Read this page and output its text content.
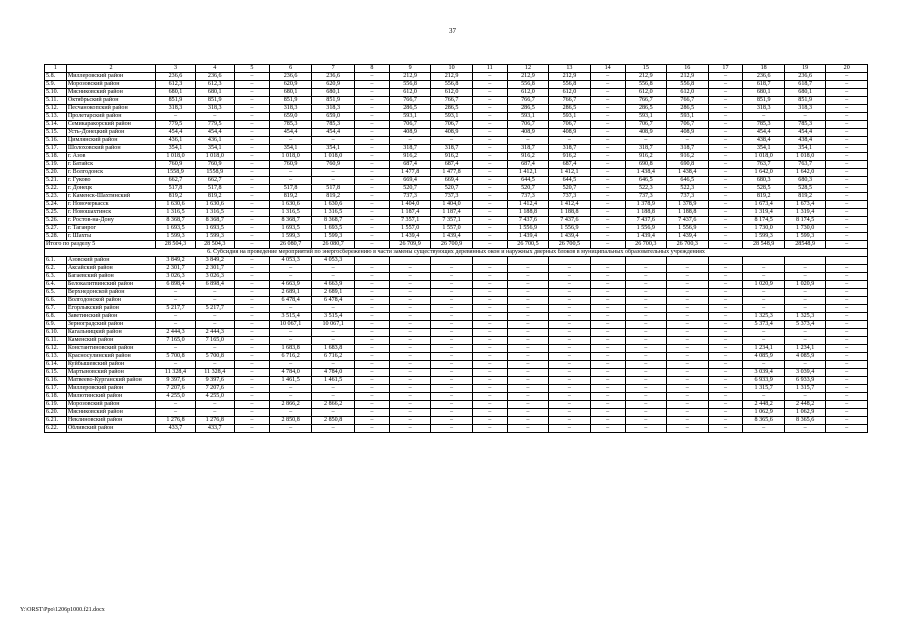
37
1	2	3	4	5	6	7	8	9	10	11	12	13	14	15	16	17	18	19	20
5.8.	Миллеровский район	236,6	236,6	–	236,6	236,6	–	212,9	212,9	–	212,9	212,9	–	212,9	212,9	–	236,6	236,6	–
5.9.	Морозовский район	612,3	612,3	–	620,9	620,9	–	556,8	556,8	–	556,8	556,8	–	556,8	556,8	–	618,7	618,7	–
5.10.	Мясниковский район	680,1	680,1	–	680,1	680,1	–	612,0	612,0	–	612,0	612,0	–	612,0	612,0	–	680,1	680,1	–
5.11.	Октябрьский район	851,9	851,9	–	851,9	851,9	–	766,7	766,7	–	766,7	766,7	–	766,7	766,7	–	851,9	851,9	–
5.12.	Песчанокопский район	318,3	318,3	–	318,3	318,3	–	286,5	286,5	–	286,5	286,5	–	286,5	286,5	–	318,3	318,3	–
5.13.	Пролетарский район	–	–	–	659,0	659,0	–	593,1	593,1	–	593,1	593,1	–	593,1	593,1	–	–	–	–
5.14.	Семикаракорский район	779,5	779,5	–	785,3	785,3	–	706,7	706,7	–	706,7	706,7	–	706,7	706,7	–	785,3	785,3	–
5.15.	Усть-Донецкий район	454,4	454,4	–	454,4	454,4	–	408,9	408,9	–	408,9	408,9	–	408,9	408,9	–	454,4	454,4	–
5.16.	Цимлянский район	436,1	436,1	–	–	–	–	–	–	–	–	–	–	–	–	–	438,4	438,4	–
5.17.	Шолоховский район	354,1	354,1	–	354,1	354,1	–	318,7	318,7	–	318,7	318,7	–	318,7	318,7	–	354,1	354,1	–
5.18.	г. Азов	1 018,0	1 018,0	–	1 018,0	1 018,0	–	916,2	916,2	–	916,2	916,2	–	916,2	916,2	–	1 018,0	1 018,0	–
5.19.	г. Батайск	760,9	760,9	–	760,9	760,9	–	687,4	687,4	–	687,4	687,4	–	690,8	690,8	–	763,7	763,7	–
5.20.	г. Волгодонск	1558,9	1558,9	–	–	–	–	1 477,8	1 477,8	–	1 412,1	1 412,1	–	1 438,4	1 438,4	–	1 642,0	1 642,0	–
5.21.	г. Гуково	662,7	662,7	–	–	–	–	669,4	669,4	–	644,5	644,5	–	646,5	646,5	–	680,3	680,3	–
5.22.	г. Донецк	517,8	517,8	–	517,8	517,8	–	520,7	520,7	–	520,7	520,7	–	522,3	522,3	–	528,5	528,5	–
5.23.	г. Каменск-Шахтинский	819,2	819,2	–	819,2	819,2	–	737,3	737,3	–	737,3	737,3	–	737,3	737,3	–	819,2	819,2	–
5.24.	г. Новочеркасск	1 630,6	1 630,6	–	1 630,6	1 630,6	–	1 404,0	1 404,0	–	1 412,4	1 412,4	–	1 378,9	1 378,9	–	1 673,4	1 673,4	–
5.25.	г. Новошахтинск	1 316,5	1 316,5	–	1 316,5	1 316,5	–	1 187,4	1 187,4	–	1 188,8	1 188,8	–	1 188,8	1 188,8	–	1 319,4	1 319,4	–
5.26.	г. Ростов-на-Дону	8 368,7	8 368,7	–	8 368,7	8 368,7	–	7 357,1	7 357,1	–	7 437,6	7 437,6	–	7 437,6	7 437,6	–	8 174,5	8 174,5	–
5.27.	г. Таганрог	1 693,5	1 693,5	–	1 693,5	1 693,5	–	1 557,0	1 557,0	–	1 556,9	1 556,9	–	1 556,9	1 556,9	–	1 730,0	1 730,0	–
5.28.	г. Шахты	1 599,3	1 599,3	–	1 599,3	1 599,3	–	1 439,4	1 439,4	–	1 439,4	1 439,4	–	1 439,4	1 439,4	–	1 599,3	1 599,3	–
Итого по разделу 5		28 504,3	28 504,3	–	26 080,7	26 080,7	–	26 709,9	26 700,9	–	26 700,5	26 700,5	–	26 700,3	26 700,3	–	28 548,9	28548,9	–
6. Субсидия на проведение мероприятий по энергосбережению в части замены существующих деревянных окон и наружных дверных блоков в муниципальных образовательных учреждениях																			
6.1.	Азовский район	3 849,2	3 849,2	–	4 053,3	4 053,3													
6.2.	Аксайский район	2 301,7	2 301,7	–	–	–	–	–	–	–	–	–	–	–	–	–	–	–	–
6.3.	Багаевский район	3 026,3	3 026,3	–	–	–	–	–	–	–	–	–	–	–	–	–	–	–	–
6.4.	Белокалитвинский район	6 898,4	6 898,4	–	4 663,9	4 663,9	–	–	–	–	–	–	–	–	–	–	1 020,9	1 020,9	–
6.5.	Верхнедонской район	–	–	–	2 689,1	2 689,1	–	–	–	–	–	–	–	–	–	–	–	–	–
6.6.	Волгодонской район	–	–	–	6 478,4	6 478,4	–	–	–	–	–	–	–	–	–	–	–	–	–
6.7.	Егорлыкский район	5 217,7	5 217,7	–	–	–	–	–	–	–	–	–	–	–	–	–	–	–	–
6.8.	Заветинский район	–	–	–	3 515,4	3 515,4	–	–	–	–	–	–	–	–	–	–	1 325,3	1 325,3	–
6.9.	Зерноградский район	–	–	–	10 067,1	10 067,1	–	–	–	–	–	–	–	–	–	–	5 373,4	5 373,4	–
6.10.	Кагальницкий район	2 444,3	2 444,3	–	–	–	–	–	–	–	–	–	–	–	–	–	–	–	–
6.11.	Каменский район	7 165,0	7 165,0	–	–	–	–	–	–	–	–	–	–	–	–	–	–	–	–
6.12.	Константиновский район	–	–	–	1 683,8	1 683,8	–	–	–	–	–	–	–	–	–	–	1 234,1	1 234,1	–
6.13.	Красносулинский район	5 700,8	5 700,8	–	6 716,2	6 716,2	–	–	–	–	–	–	–	–	–	–	4 085,9	4 085,9	–
6.14.	Куйбышевский район	–	–	–	–	–	–	–	–	–	–	–	–	–	–	–	–	–	–
6.15.	Мартыновский район	11 328,4	11 328,4	–	4 784,0	4 784,0	–	–	–	–	–	–	–	–	–	–	3 039,4	3 039,4	–
6.16.	Матвеево-Курганский район	9 397,6	9 397,6	–	1 461,5	1 461,5	–	–	–	–	–	–	–	–	–	–	6 933,9	6 933,9	–
6.17.	Миллеровский район	7 207,6	7 207,6	–	–	–	–	–	–	–	–	–	–	–	–	–	1 315,7	1 315,7	–
6.18.	Милютинский район	4 255,0	4 255,0	–	–	–	–	–	–	–	–	–	–	–	–	–	–	–	–
6.19.	Морозовский район	–	–	–	2 866,2	2 866,2	–	–	–	–	–	–	–	–	–	–	2 448,2	2 448,2	–
6.20.	Мясниковский район	–	–	–	–	–	–	–	–	–	–	–	–	–	–	–	1 062,9	1 062,9	–
6.21.	Неклиновский район	1 276,8	1 276,8	–	2 850,8	2 850,8	–	–	–	–	–	–	–	–	–	–	8 365,6	8 365,6	–
6.22.	Обливский район	433,7	433,7	–	–	–	–	–	–	–	–	–	–	–	–	–	–	–	–
Y:\ORST\Ppo\1206p1000.f21.docx
